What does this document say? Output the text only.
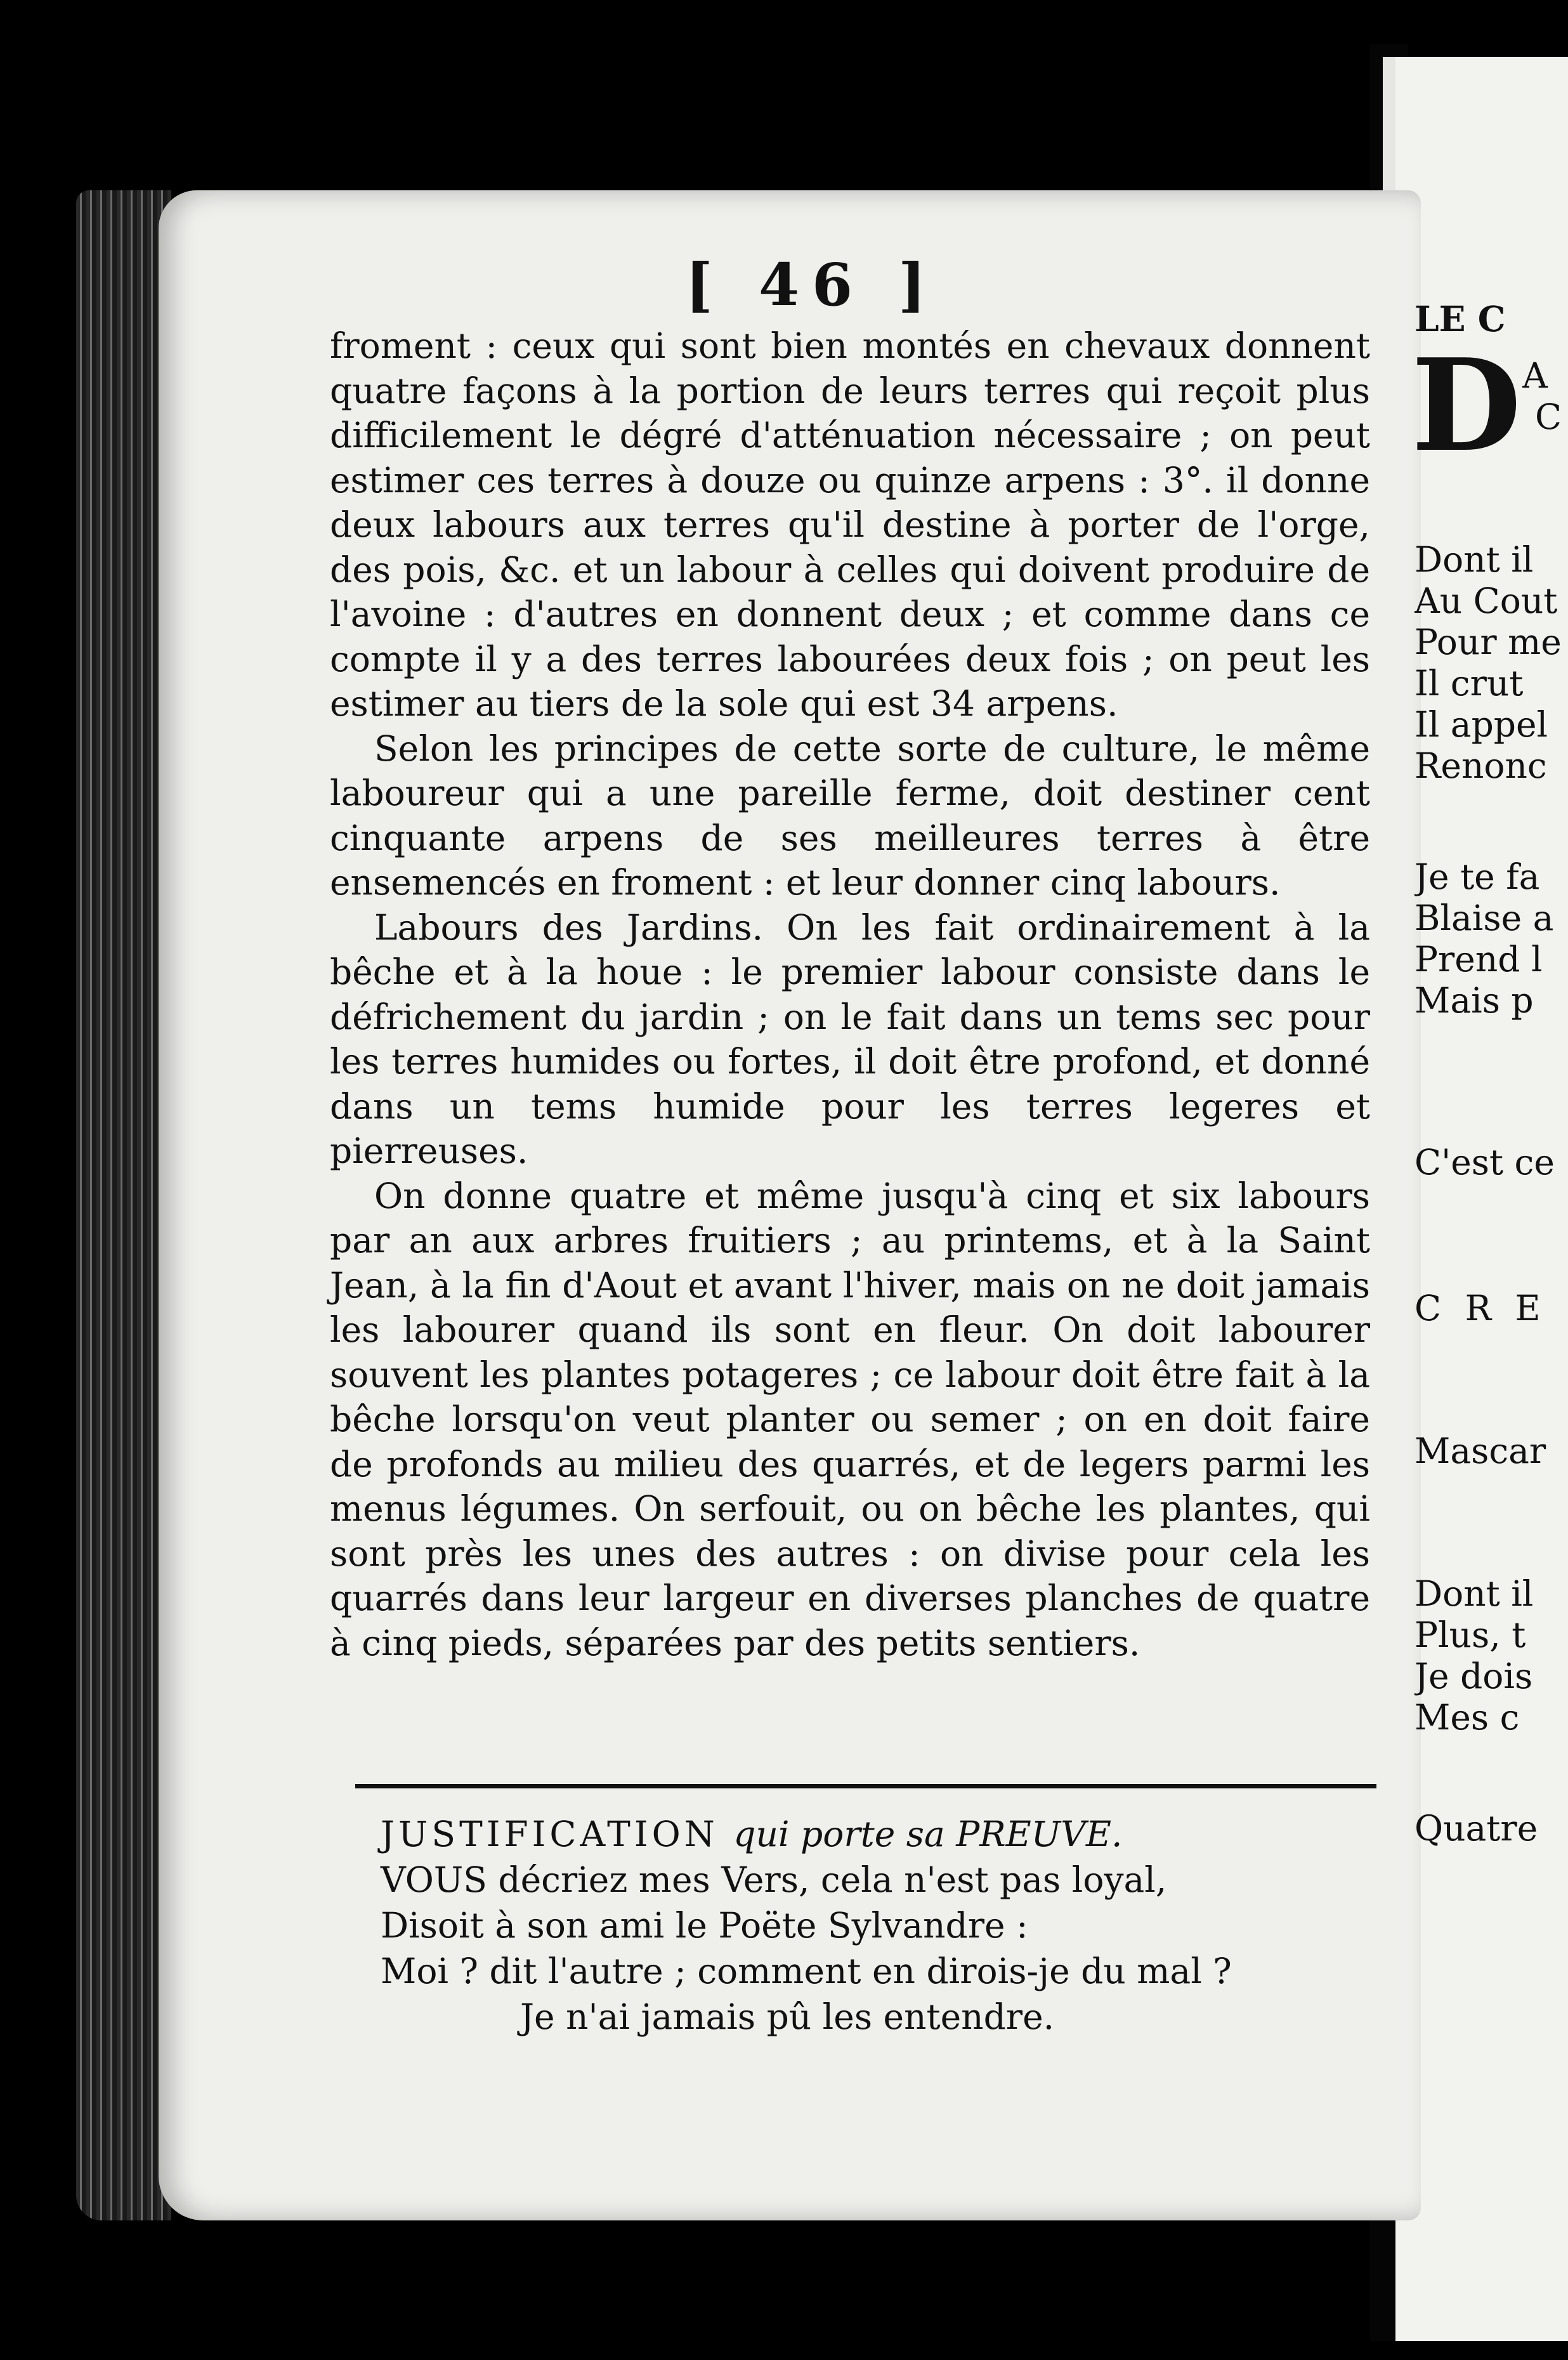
[ 46 ]

froment : ceux qui sont bien montés en chevaux donnent quatre façons à la portion de leurs terres qui reçoit plus difficilement le dégré d'atténuation nécessaire ; on peut estimer ces terres à douze ou quinze arpens : 3°. il donne deux labours aux terres qu'il destine à porter de l'orge, des pois, &c. et un labour à celles qui doivent produire de l'avoine : d'autres en donnent deux ; et comme dans ce compte il y a des terres labourées deux fois ; on peut les estimer au tiers de la sole qui est 34 arpens.

Selon les principes de cette sorte de culture, le même laboureur qui a une pareille ferme, doit destiner cent cinquante arpens de ses meilleures terres à être ensemencés en froment : et leur donner cinq labours.

Labours des Jardins. On les fait ordinairement à la bêche et à la houe : le premier labour consiste dans le défrichement du jardin ; on le fait dans un tems sec pour les terres humides ou fortes, il doit être profond, et donné dans un tems humide pour les terres legeres et pierreuses.

On donne quatre et même jusqu'à cinq et six labours par an aux arbres fruitiers ; au printems, et à la Saint Jean, à la fin d'Aout et avant l'hiver, mais on ne doit jamais les labourer quand ils sont en fleur. On doit labourer souvent les plantes potageres ; ce labour doit être fait à la bêche lorsqu'on veut planter ou semer ; on en doit faire de profonds au milieu des quarrés, et de legers parmi les menus légumes. On serfouit, ou on bêche les plantes, qui sont près les unes des autres : on divise pour cela les quarrés dans leur largeur en diverses planches de quatre à cinq pieds, séparées par des petits sentiers.

JUSTIFICATION qui porte sa PREUVE.
VOUS décriez mes Vers, cela n'est pas loyal,
Disoit à son ami le Poëte Sylvandre :
Moi ? dit l'autre ; comment en dirois-je du mal ?
Je n'ai jamais pû les entendre.
LE C
D A
C
Dont il
Au Cout
Pour me
Il crut
Il appel
Renonc
Je te fa
Blaise a
Prend l
Mais p
C'est ce
C R E
Mascar
Dont il
Plus, t
Je dois
Mes c
Quatre
